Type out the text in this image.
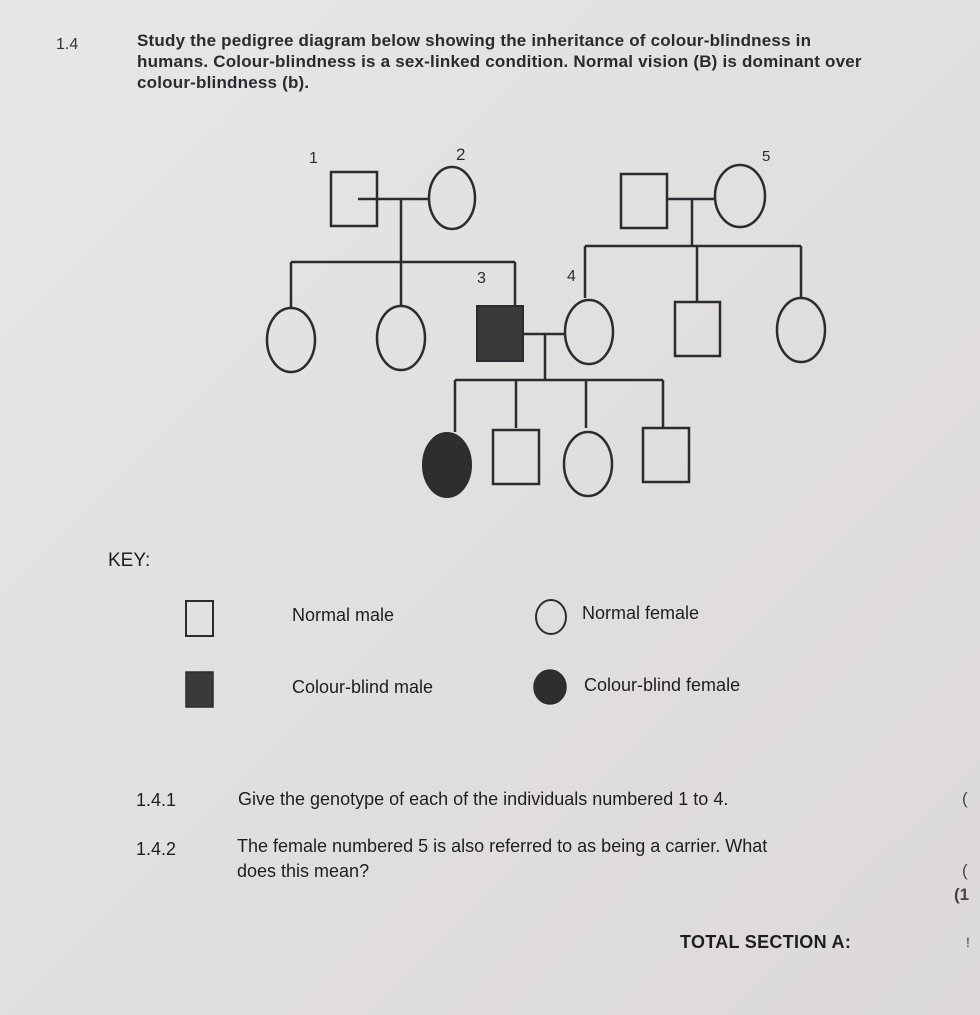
1.4	Study the pedigree diagram below showing the inheritance of colour-blindness in humans. Colour-blindness is a sex-linked condition. Normal vision (B) is dominant over colour-blindness (b).
1	2
3	4
5
KEY:
Normal male	Normal female
Colour-blind male	Colour-blind female
1.4.1	Give the genotype of each of the individuals numbered 1 to 4.	(
1.4.2	The female numbered 5 is also referred to as being a carrier. What
does this mean?	(
(1
TOTAL SECTION A:	!
